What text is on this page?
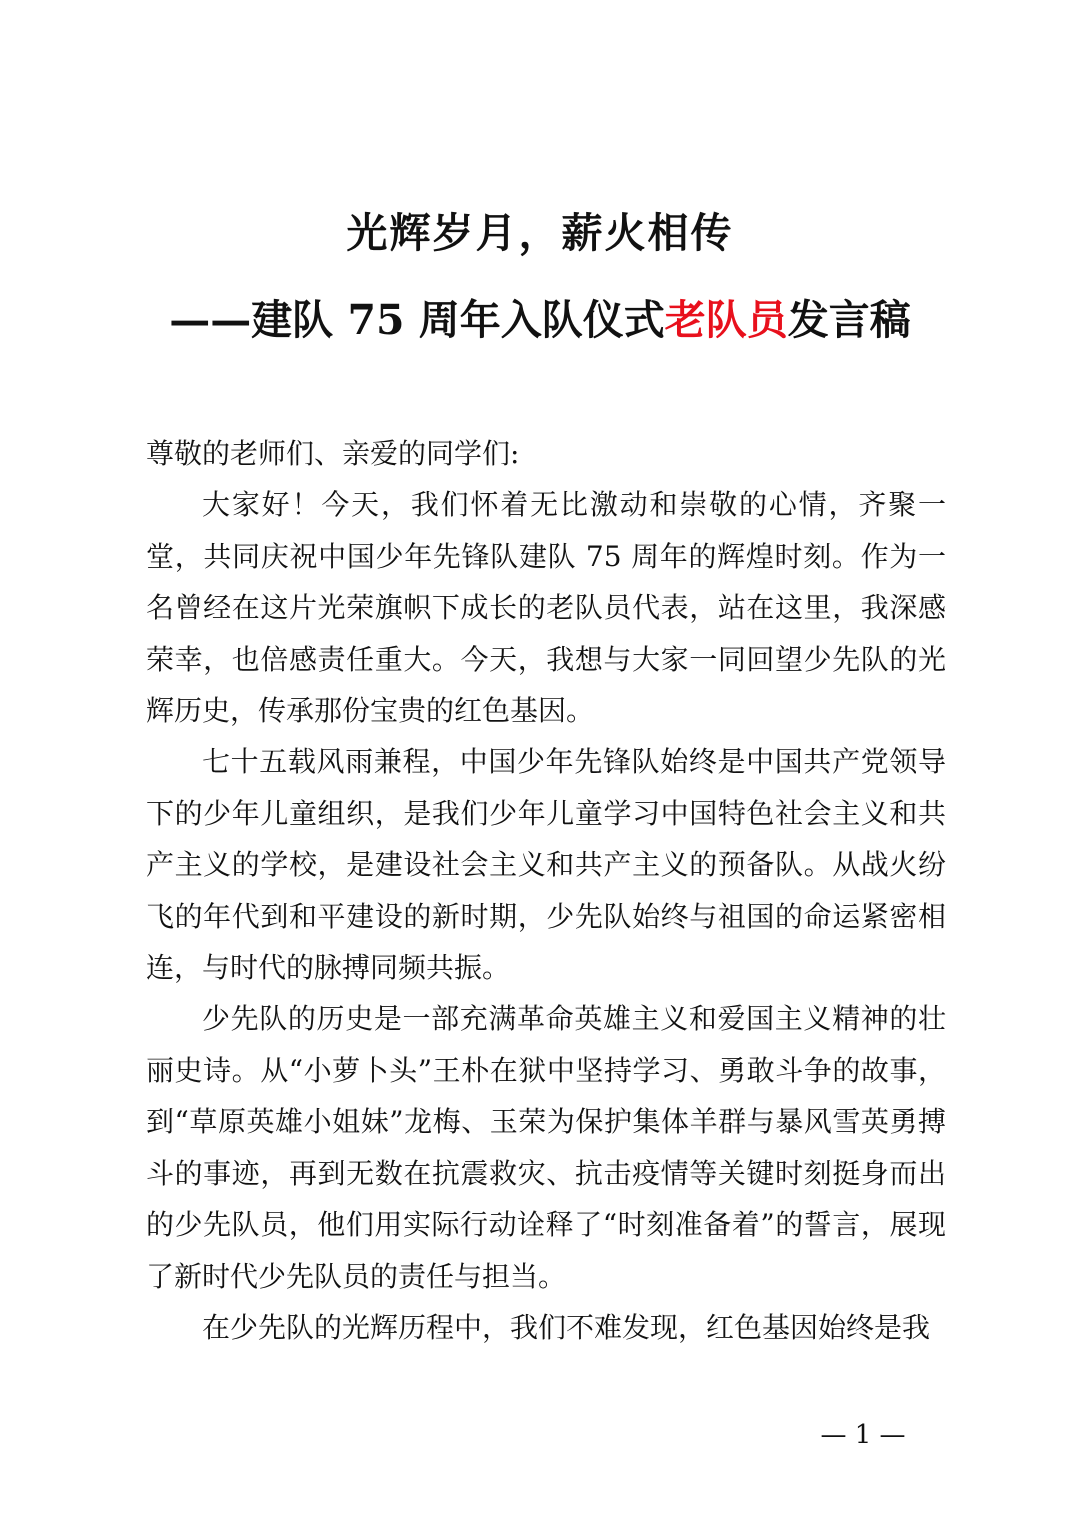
光辉岁月，薪火相传
——建队 75 周年入队仪式老队员发言稿

尊敬的老师们、亲爱的同学们:

大家好！今天，我们怀着无比激动和崇敬的心情，齐聚一堂，共同庆祝中国少年先锋队建队 75 周年的辉煌时刻。作为一名曾经在这片光荣旗帜下成长的老队员代表，站在这里，我深感荣幸，也倍感责任重大。今天，我想与大家一同回望少先队的光辉历史，传承那份宝贵的红色基因。

七十五载风雨兼程，中国少年先锋队始终是中国共产党领导下的少年儿童组织，是我们少年儿童学习中国特色社会主义和共产主义的学校，是建设社会主义和共产主义的预备队。从战火纷飞的年代到和平建设的新时期，少先队始终与祖国的命运紧密相连，与时代的脉搏同频共振。

少先队的历史是一部充满革命英雄主义和爱国主义精神的壮丽史诗。从“小萝卜头”王朴在狱中坚持学习、勇敢斗争的故事，到“草原英雄小姐妹”龙梅、玉荣为保护集体羊群与暴风雪英勇搏斗的事迹，再到无数在抗震救灾、抗击疫情等关键时刻挺身而出的少先队员，他们用实际行动诠释了“时刻准备着”的誓言，展现了新时代少先队员的责任与担当。

在少先队的光辉历程中，我们不难发现，红色基因始终是我

— 1 —
